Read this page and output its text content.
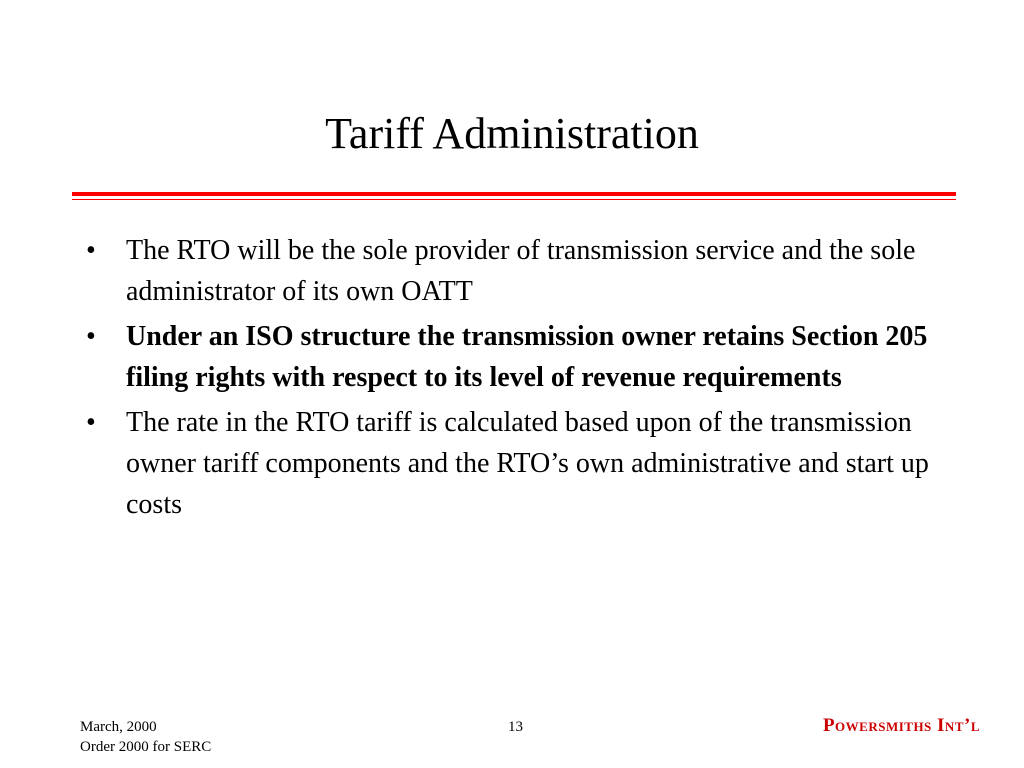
Tariff Administration
• The RTO will be the sole provider of transmission service and the sole administrator of its own OATT
• Under an ISO structure the transmission owner retains Section 205 filing rights with respect to its level of revenue requirements
• The rate in the RTO tariff is calculated based upon of the transmission owner tariff components and the RTO’s own administrative and start up costs
March, 2000
Order 2000 for SERC
13	Powersmiths Int’l
